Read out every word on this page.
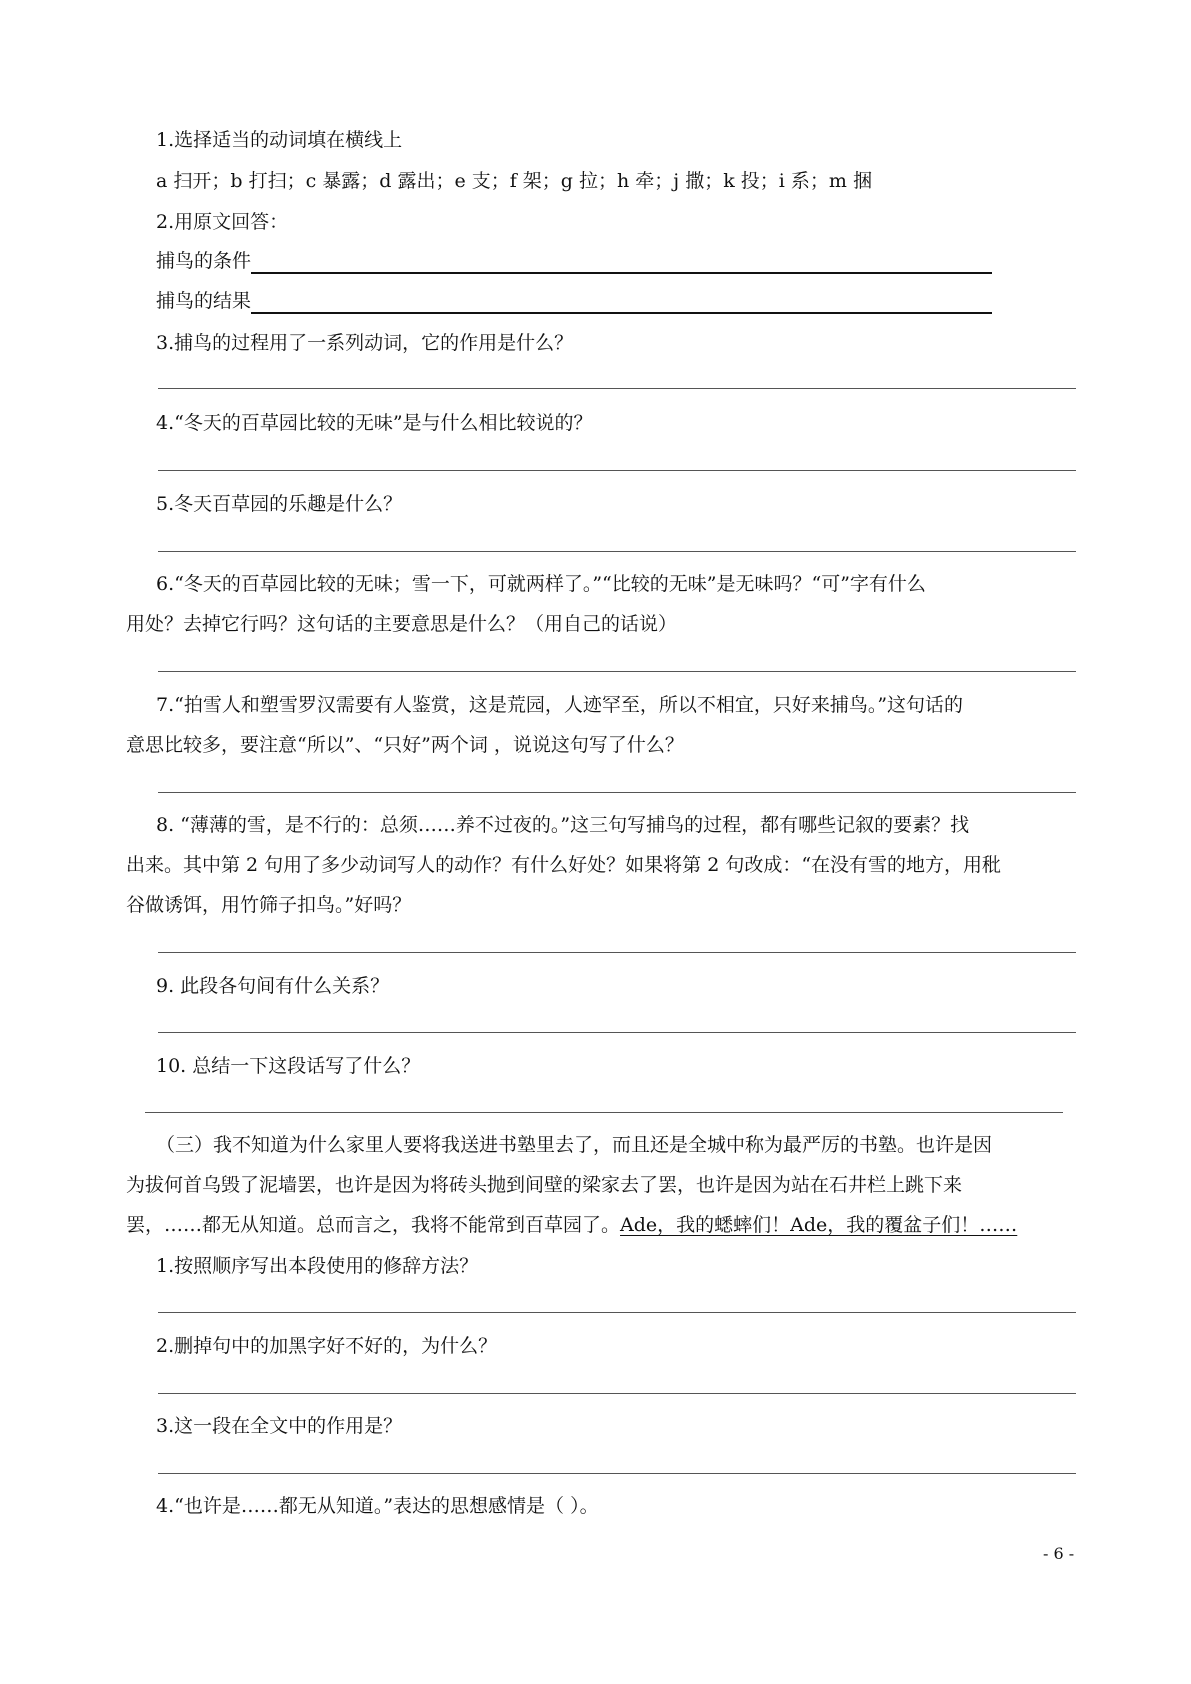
1.选择适当的动词填在横线上
a 扫开；b 打扫；c 暴露；d 露出；e 支；f 架；g 拉；h 牵；j 撒；k 投；i 系；m 捆
2.用原文回答：
捕鸟的条件
捕鸟的结果
3.捕鸟的过程用了一系列动词，它的作用是什么？
4.“冬天的百草园比较的无味”是与什么相比较说的？
5.冬天百草园的乐趣是什么？
6.“冬天的百草园比较的无味；雪一下，可就两样了。”“比较的无味”是无味吗？“可”字有什么
用处？去掉它行吗？这句话的主要意思是什么？（用自己的话说）
7.“拍雪人和塑雪罗汉需要有人鉴赏，这是荒园，人迹罕至，所以不相宜，只好来捕鸟。”这句话的
意思比较多，要注意“所以”、“只好”两个词 ，说说这句写了什么？
8. “薄薄的雪，是不行的：总须……养不过夜的。”这三句写捕鸟的过程，都有哪些记叙的要素？找
出来。其中第 2 句用了多少动词写人的动作？有什么好处？如果将第 2 句改成：“在没有雪的地方，用秕
谷做诱饵，用竹筛子扣鸟。”好吗？
9. 此段各句间有什么关系？
10. 总结一下这段话写了什么？
（三）我不知道为什么家里人要将我送进书塾里去了，而且还是全城中称为最严厉的书塾。也许是因
为拔何首乌毁了泥墙罢，也许是因为将砖头抛到间壁的梁家去了罢，也许是因为站在石井栏上跳下来
罢，……都无从知道。总而言之，我将不能常到百草园了。Ade，我的蟋蟀们！Ade，我的覆盆子们！……
1.按照顺序写出本段使用的修辞方法？
2.删掉句中的加黑字好不好的，为什么？
3.这一段在全文中的作用是？
4.“也许是……都无从知道。”表达的思想感情是（ ）。
- 6 -
